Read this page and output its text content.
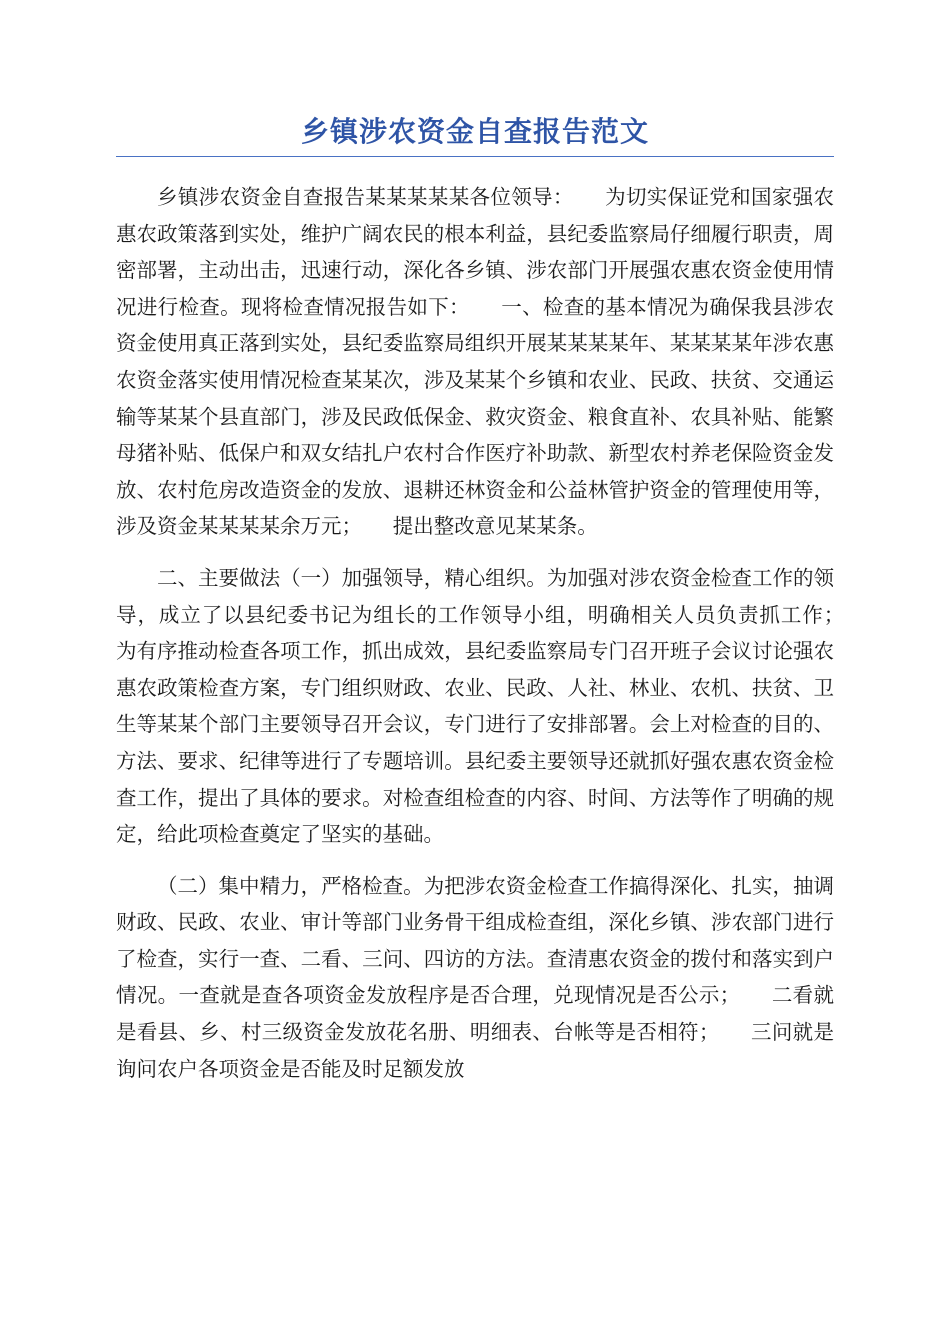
乡镇涉农资金自查报告范文

乡镇涉农资金自查报告某某某某某各位领导：　　为切实保证党和国家强农惠农政策落到实处，维护广阔农民的根本利益，县纪委监察局仔细履行职责，周密部署，主动出击，迅速行动，深化各乡镇、涉农部门开展强农惠农资金使用情况进行检查。现将检查情况报告如下：　　一、检查的基本情况为确保我县涉农资金使用真正落到实处，县纪委监察局组织开展某某某某年、某某某某年涉农惠农资金落实使用情况检查某某次，涉及某某个乡镇和农业、民政、扶贫、交通运输等某某个县直部门，涉及民政低保金、救灾资金、粮食直补、农具补贴、能繁母猪补贴、低保户和双女结扎户农村合作医疗补助款、新型农村养老保险资金发放、农村危房改造资金的发放、退耕还林资金和公益林管护资金的管理使用等，涉及资金某某某某余万元；　　提出整改意见某某条。

二、主要做法（一）加强领导，精心组织。为加强对涉农资金检查工作的领导，成立了以县纪委书记为组长的工作领导小组，明确相关人员负责抓工作；　　为有序推动检查各项工作，抓出成效，县纪委监察局专门召开班子会议讨论强农惠农政策检查方案，专门组织财政、农业、民政、人社、林业、农机、扶贫、卫生等某某个部门主要领导召开会议，专门进行了安排部署。会上对检查的目的、方法、要求、纪律等进行了专题培训。县纪委主要领导还就抓好强农惠农资金检查工作，提出了具体的要求。对检查组检查的内容、时间、方法等作了明确的规定，给此项检查奠定了坚实的基础。

（二）集中精力，严格检查。为把涉农资金检查工作搞得深化、扎实，抽调财政、民政、农业、审计等部门业务骨干组成检查组，深化乡镇、涉农部门进行了检查，实行一查、二看、三问、四访的方法。查清惠农资金的拨付和落实到户情况。一查就是查各项资金发放程序是否合理，兑现情况是否公示；　　二看就是看县、乡、村三级资金发放花名册、明细表、台帐等是否相符；　　三问就是询问农户各项资金是否能及时足额发放
